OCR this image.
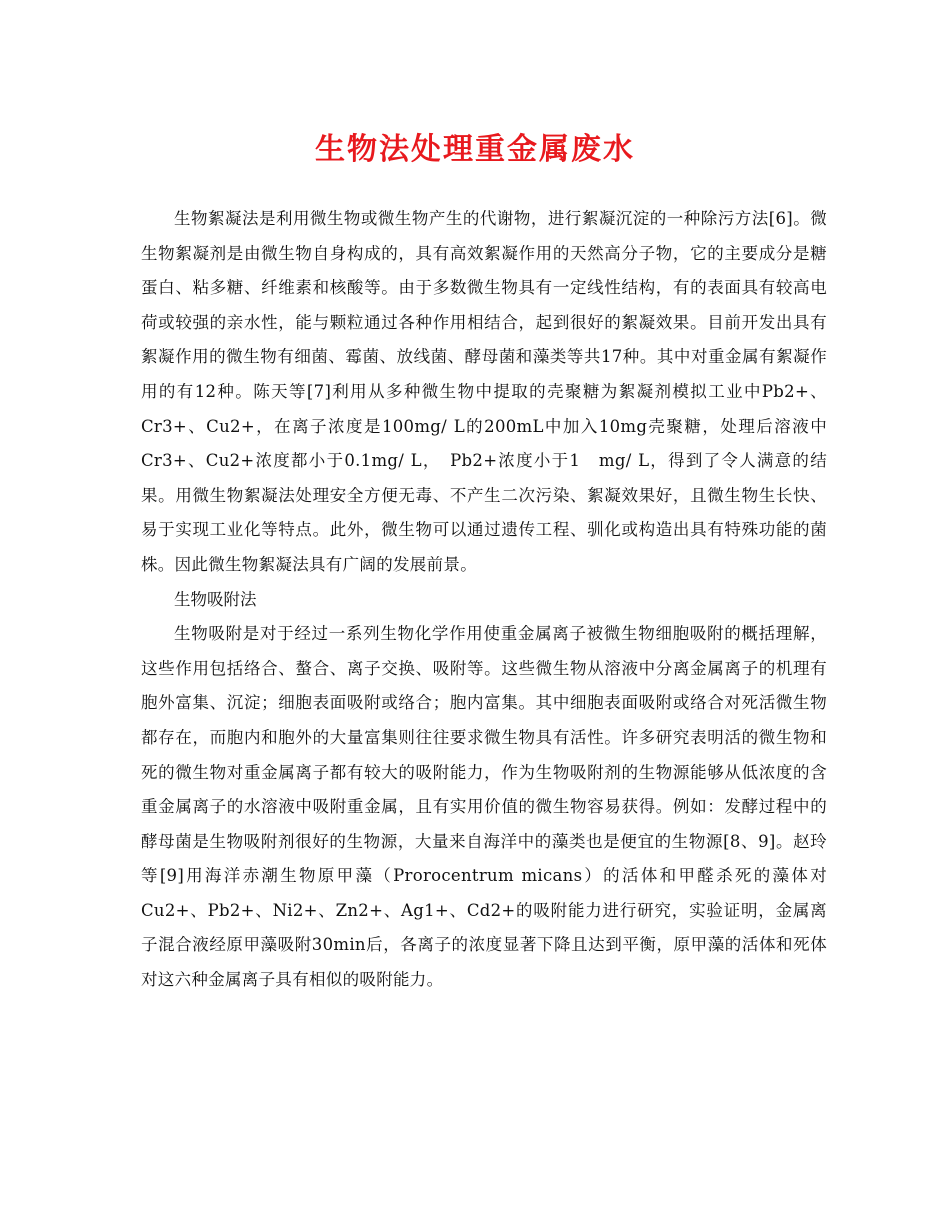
生物法处理重金属废水

生物絮凝法是利用微生物或微生物产生的代谢物，进行絮凝沉淀的一种除污方法[6]。微生物絮凝剂是由微生物自身构成的，具有高效絮凝作用的天然高分子物，它的主要成分是糖蛋白、粘多糖、纤维素和核酸等。由于多数微生物具有一定线性结构，有的表面具有较高电荷或较强的亲水性，能与颗粒通过各种作用相结合，起到很好的絮凝效果。目前开发出具有絮凝作用的微生物有细菌、霉菌、放线菌、酵母菌和藻类等共17种。其中对重金属有絮凝作用的有12种。陈天等[7]利用从多种微生物中提取的壳聚糖为絮凝剂模拟工业中Pb2+、Cr3+、Cu2+，在离子浓度是100mg/ L的200mL中加入10mg壳聚糖，处理后溶液中Cr3+、Cu2+浓度都小于0.1mg/ L，　Pb2+浓度小于1　mg/ L，得到了令人满意的结果。用微生物絮凝法处理安全方便无毒、不产生二次污染、絮凝效果好，且微生物生长快、易于实现工业化等特点。此外，微生物可以通过遗传工程、驯化或构造出具有特殊功能的菌株。因此微生物絮凝法具有广阔的发展前景。

生物吸附法

生物吸附是对于经过一系列生物化学作用使重金属离子被微生物细胞吸附的概括理解，这些作用包括络合、螯合、离子交换、吸附等。这些微生物从溶液中分离金属离子的机理有胞外富集、沉淀；细胞表面吸附或络合；胞内富集。其中细胞表面吸附或络合对死活微生物都存在，而胞内和胞外的大量富集则往往要求微生物具有活性。许多研究表明活的微生物和死的微生物对重金属离子都有较大的吸附能力，作为生物吸附剂的生物源能够从低浓度的含重金属离子的水溶液中吸附重金属，且有实用价值的微生物容易获得。例如：发酵过程中的酵母菌是生物吸附剂很好的生物源，大量来自海洋中的藻类也是便宜的生物源[8、9]。赵玲等[9]用海洋赤潮生物原甲藻（Prorocentrum micans）的活体和甲醛杀死的藻体对Cu2+、Pb2+、Ni2+、Zn2+、Ag1+、Cd2+的吸附能力进行研究，实验证明，金属离子混合液经原甲藻吸附30min后，各离子的浓度显著下降且达到平衡，原甲藻的活体和死体对这六种金属离子具有相似的吸附能力。
